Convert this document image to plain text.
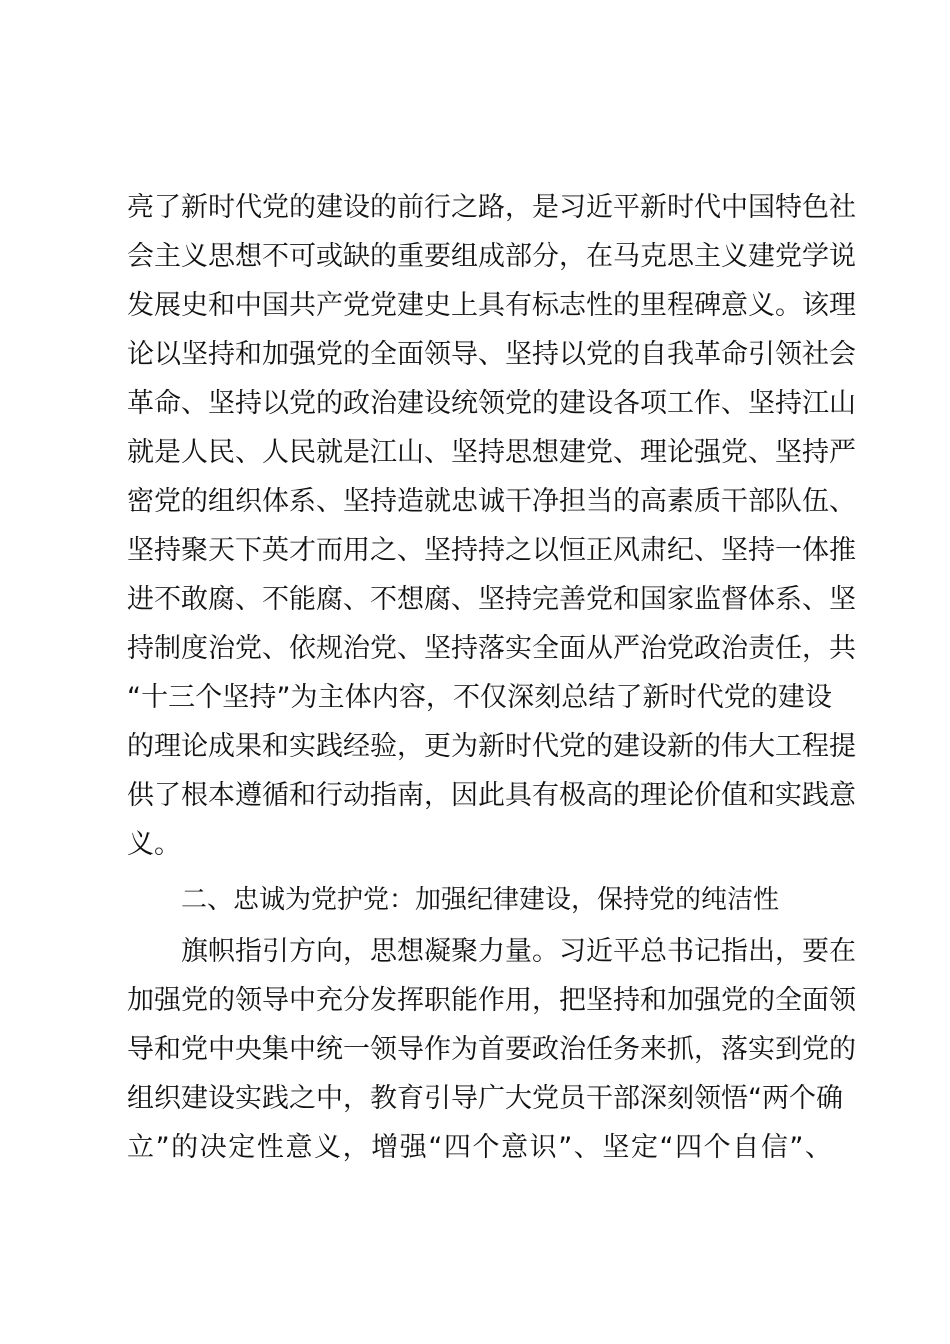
亮了新时代党的建设的前行之路，是习近平新时代中国特色社
会主义思想不可或缺的重要组成部分，在马克思主义建党学说
发展史和中国共产党党建史上具有标志性的里程碑意义。该理
论以坚持和加强党的全面领导、坚持以党的自我革命引领社会
革命、坚持以党的政治建设统领党的建设各项工作、坚持江山
就是人民、人民就是江山、坚持思想建党、理论强党、坚持严
密党的组织体系、坚持造就忠诚干净担当的高素质干部队伍、
坚持聚天下英才而用之、坚持持之以恒正风肃纪、坚持一体推
进不敢腐、不能腐、不想腐、坚持完善党和国家监督体系、坚
持制度治党、依规治党、坚持落实全面从严治党政治责任，共
“十三个坚持”为主体内容，不仅深刻总结了新时代党的建设
的理论成果和实践经验，更为新时代党的建设新的伟大工程提
供了根本遵循和行动指南，因此具有极高的理论价值和实践意
义。
二、忠诚为党护党：加强纪律建设，保持党的纯洁性
旗帜指引方向，思想凝聚力量。习近平总书记指出，要在
加强党的领导中充分发挥职能作用，把坚持和加强党的全面领
导和党中央集中统一领导作为首要政治任务来抓，落实到党的
组织建设实践之中，教育引导广大党员干部深刻领悟“两个确
立”的决定性意义，增强“四个意识”、坚定“四个自信”、
